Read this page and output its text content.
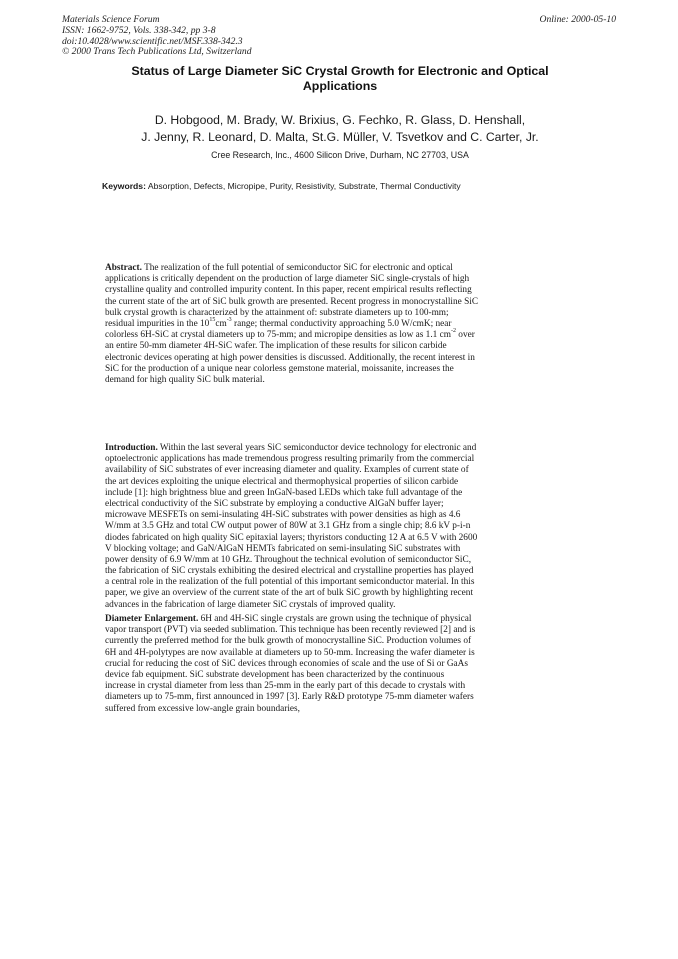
Materials Science Forum
ISSN: 1662-9752, Vols. 338-342, pp 3-8
doi:10.4028/www.scientific.net/MSF.338-342.3
© 2000 Trans Tech Publications Ltd, Switzerland
Online: 2000-05-10
Status of Large Diameter SiC Crystal Growth for Electronic and Optical
Applications
D. Hobgood, M. Brady, W. Brixius, G. Fechko, R. Glass, D. Henshall,
J. Jenny, R. Leonard, D. Malta, St.G. Müller, V. Tsvetkov and C. Carter, Jr.
Cree Research, Inc., 4600 Silicon Drive, Durham, NC 27703, USA
Keywords: Absorption, Defects, Micropipe, Purity, Resistivity, Substrate, Thermal Conductivity
Abstract. The realization of the full potential of semiconductor SiC for electronic and optical
applications is critically dependent on the production of large diameter SiC single-crystals of high
crystalline quality and controlled impurity content. In this paper, recent empirical results reflecting
the current state of the art of SiC bulk growth are presented. Recent progress in monocrystalline SiC
bulk crystal growth is characterized by the attainment of: substrate diameters up to 100-mm;
residual impurities in the $10^{15}cm^{-3}$ range; thermal conductivity approaching 5.0 W/cmK; near
colorless 6H-SiC at crystal diameters up to 75-mm; and micropipe densities as low as 1.1 $cm^{-2}$ over
an entire 50-mm diameter 4H-SiC wafer. The implication of these results for silicon carbide
electronic devices operating at high power densities is discussed. Additionally, the recent interest in
SiC for the production of a unique near colorless gemstone material, moissanite, increases the
demand for high quality SiC bulk material.
Introduction. Within the last several years SiC semiconductor device technology for electronic and
optoelectronic applications has made tremendous progress resulting primarily from the commercial
availability of SiC substrates of ever increasing diameter and quality. Examples of current state of
the art devices exploiting the unique electrical and thermophysical properties of silicon carbide
include [1]: high brightness blue and green InGaN-based LEDs which take full advantage of the
electrical conductivity of the SiC substrate by employing a conductive AlGaN buffer layer;
microwave MESFETs on semi-insulating 4H-SiC substrates with power densities as high as 4.6
W/mm at 3.5 GHz and total CW output power of 80W at 3.1 GHz from a single chip; 8.6 kV p-i-n
diodes fabricated on high quality SiC epitaxial layers; thyristors conducting 12 A at 6.5 V with 2600
V blocking voltage; and GaN/AlGaN HEMTs fabricated on semi-insulating SiC substrates with
power density of 6.9 W/mm at 10 GHz. Throughout the technical evolution of semiconductor SiC,
the fabrication of SiC crystals exhibiting the desired electrical and crystalline properties has played
a central role in the realization of the full potential of this important semiconductor material. In this
paper, we give an overview of the current state of the art of bulk SiC growth by highlighting recent
advances in the fabrication of large diameter SiC crystals of improved quality.
Diameter Enlargement. 6H and 4H-SiC single crystals are grown using the technique of physical
vapor transport (PVT) via seeded sublimation. This technique has been recently reviewed [2] and is
currently the preferred method for the bulk growth of monocrystalline SiC. Production volumes of
6H and 4H-polytypes are now available at diameters up to 50-mm. Increasing the wafer diameter is
crucial for reducing the cost of SiC devices through economies of scale and the use of Si or GaAs
device fab equipment. SiC substrate development has been characterized by the continuous
increase in crystal diameter from less than 25-mm in the early part of this decade to crystals with
diameters up to 75-mm, first announced in 1997 [3]. Early R&D prototype 75-mm diameter wafers
suffered from excessive low-angle grain boundaries,
